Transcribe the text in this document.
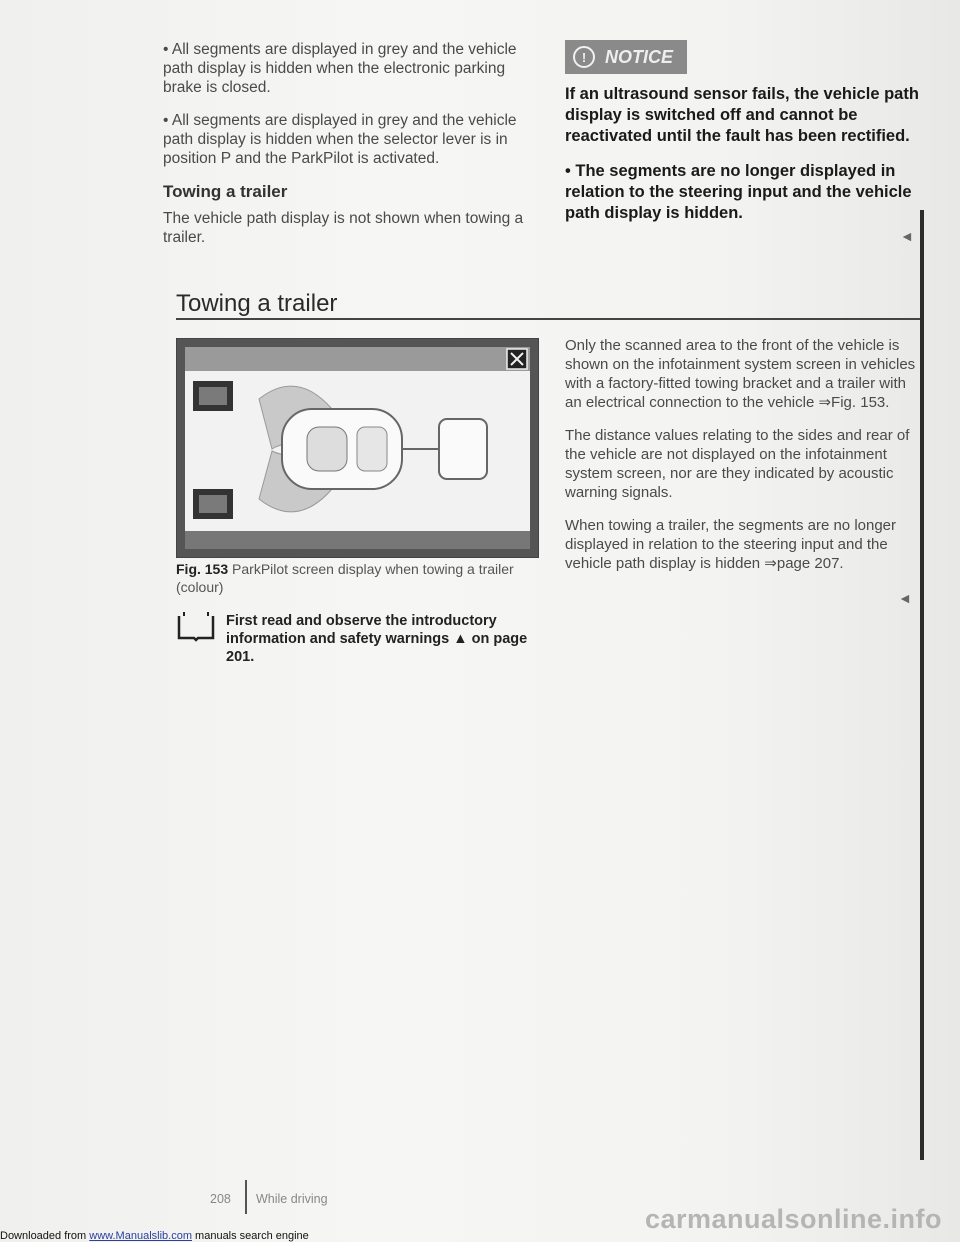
• All segments are displayed in grey and the vehicle path display is hidden when the electronic parking brake is closed.

• All segments are displayed in grey and the vehicle path display is hidden when the selector lever is in position P and the ParkPilot is activated.

Towing a trailer

The vehicle path display is not shown when towing a trailer.

!	NOTICE

If an ultrasound sensor fails, the vehicle path display is switched off and cannot be reactivated until the fault has been rectified.

• The segments are no longer displayed in relation to the steering input and the vehicle path display is hidden.

◄
Towing a trailer
Fig. 153 ParkPilot screen display when towing a trailer (colour)
First read and observe the introductory information and safety warnings ▲ on page 201.

Only the scanned area to the front of the vehicle is shown on the infotainment system screen in vehicles with a factory-fitted towing bracket and a trailer with an electrical connection to the vehicle ⇒Fig. 153.

The distance values relating to the sides and rear of the vehicle are not displayed on the infotainment system screen, nor are they indicated by acoustic warning signals.

When towing a trailer, the segments are no longer displayed in relation to the steering input and the vehicle path display is hidden ⇒page 207.

◄
208 While driving
Downloaded from www.Manualslib.com manuals search engine
carmanualsonline.info
